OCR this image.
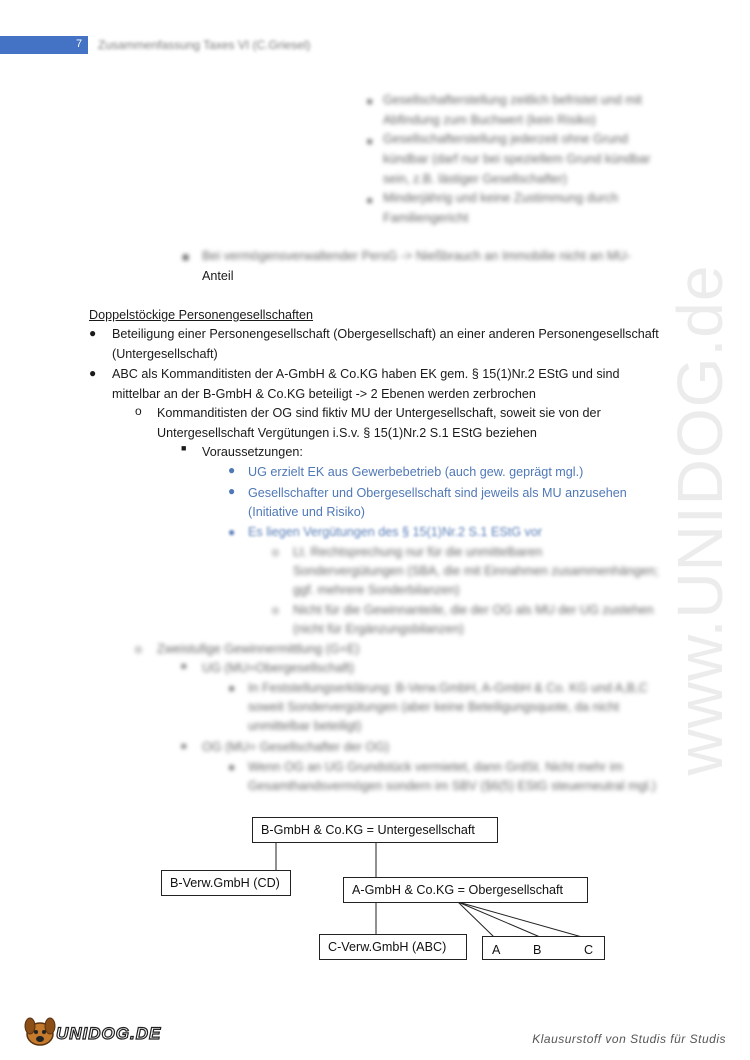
7	Zusammenfassung Taxes VI (C.Griesel)
www.UNIDOG.de
● Gesellschafterstellung zeitlich befristet und mit Abfindung zum Buchwert (kein Risiko)
● Gesellschafterstellung jederzeit ohne Grund kündbar (darf nur bei speziellem Grund kündbar sein, z.B. lästiger Gesellschafter)
● Minderjährig und keine Zustimmung durch Familiengericht
■ Bei vermögensverwaltender PersG -> Nießbrauch an Immobilie nicht an MU-
Anteil
Doppelstöckige Personengesellschaften
● Beteiligung einer Personengesellschaft (Obergesellschaft) an einer anderen Personengesellschaft
(Untergesellschaft)
● ABC als Kommanditisten der A-GmbH & Co.KG haben EK gem. § 15(1)Nr.2 EStG und sind
mittelbar an der B-GmbH & Co.KG beteiligt -> 2 Ebenen werden zerbrochen
o Kommanditisten der OG sind fiktiv MU der Untergesellschaft, soweit sie von der
Untergesellschaft Vergütungen i.S.v. § 15(1)Nr.2 S.1 EStG beziehen
■ Voraussetzungen:
● UG erzielt EK aus Gewerbebetrieb (auch gew. geprägt mgl.)
● Gesellschafter und Obergesellschaft sind jeweils als MU anzusehen
(Initiative und Risiko)
● Es liegen Vergütungen des § 15(1)Nr.2 S.1 EStG vor
o Lt. Rechtsprechung nur für die unmittelbaren
Sondervergütungen (SBA, die mit Einnahmen zusammenhängen;
ggf. mehrere Sonderbilanzen)
o Nicht für die Gewinnanteile, die der OG als MU der UG zustehen
(nicht für Ergänzungsbilanzen)
o Zweistufige Gewinnermittlung (G+E)
■ UG (MU=Obergesellschaft)
● In Feststellungserklärung: B-Verw.GmbH, A-GmbH & Co. KG und A,B,C
soweit Sondervergütungen (aber keine Beteiligungsquote, da nicht
unmittelbar beteiligt)
■ OG (MU= Gesellschafter der OG)
● Wenn OG an UG Grundstück vermietet, dann GrdSt. Nicht mehr im
Gesamthandsvermögen sondern im SBV (§6(5) EStG steuerneutral mgl.)
B-GmbH & Co.KG = Untergesellschaft
B-Verw.GmbH (CD)	A-GmbH & Co.KG = Obergesellschaft
C-Verw.GmbH (ABC)	A	B	C
UNIDOG.DE	Klausurstoff von Studis für Studis
